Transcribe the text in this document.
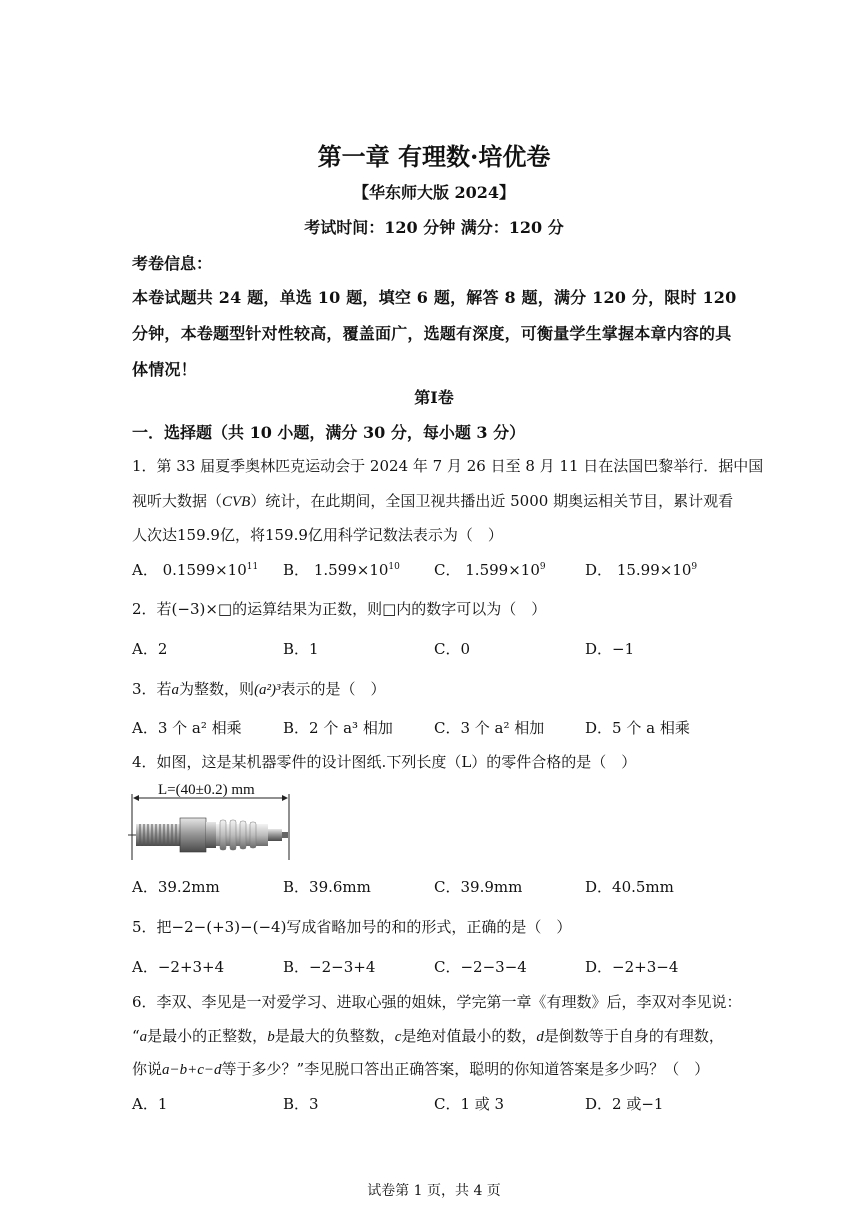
第一章 有理数·培优卷
【华东师大版 2024】
考试时间：120 分钟 满分：120 分
考卷信息：
本卷试题共 24 题，单选 10 题，填空 6 题，解答 8 题，满分 120 分，限时 120 分钟，本卷题型针对性较高，覆盖面广，选题有深度，可衡量学生掌握本章内容的具体情况！
第Ⅰ卷
一．选择题（共 10 小题，满分 30 分，每小题 3 分）
1．第 33 届夏季奥林匹克运动会于 2024 年 7 月 26 日至 8 月 11 日在法国巴黎举行．据中国
视听大数据（CVB）统计，在此期间，全国卫视共播出近 5000 期奥运相关节目，累计观看
人次达159.9亿，将159.9亿用科学记数法表示为（　）
A． $0.1599\times 10^{11}$ B． $1.599\times 10^{10}$ C． $1.599\times 10^9$	D． $15.99\times 10^9$
2．若(−3)×□的运算结果为正数，则□内的数字可以为（　）
A．2	B．1	C．0	D．−1
3．若a为整数，则(a²)³表示的是（　）
A．3 个 a² 相乘	B．2 个 a³ 相加	C．3 个 a² 相加	D．5 个 a 相乘
4．如图，这是某机器零件的设计图纸.下列长度（L）的零件合格的是（　）
L=(40±0.2) mm
A．39.2mm	B．39.6mm	C．39.9mm	D．40.5mm
5．把−2−(+3)−(−4)写成省略加号的和的形式，正确的是（　）
A．−2+3+4	B．−2−3+4	C．−2−3−4	D．−2+3−4
6．李双、李见是一对爱学习、进取心强的姐妹，学完第一章《有理数》后，李双对李见说：
“a是最小的正整数，b是最大的负整数，c是绝对值最小的数，d是倒数等于自身的有理数，
你说a−b+c−d等于多少？”李见脱口答出正确答案，聪明的你知道答案是多少吗？（　）
A．1	B．3	C．1 或 3	D．2 或−1
试卷第 1 页，共 4 页
